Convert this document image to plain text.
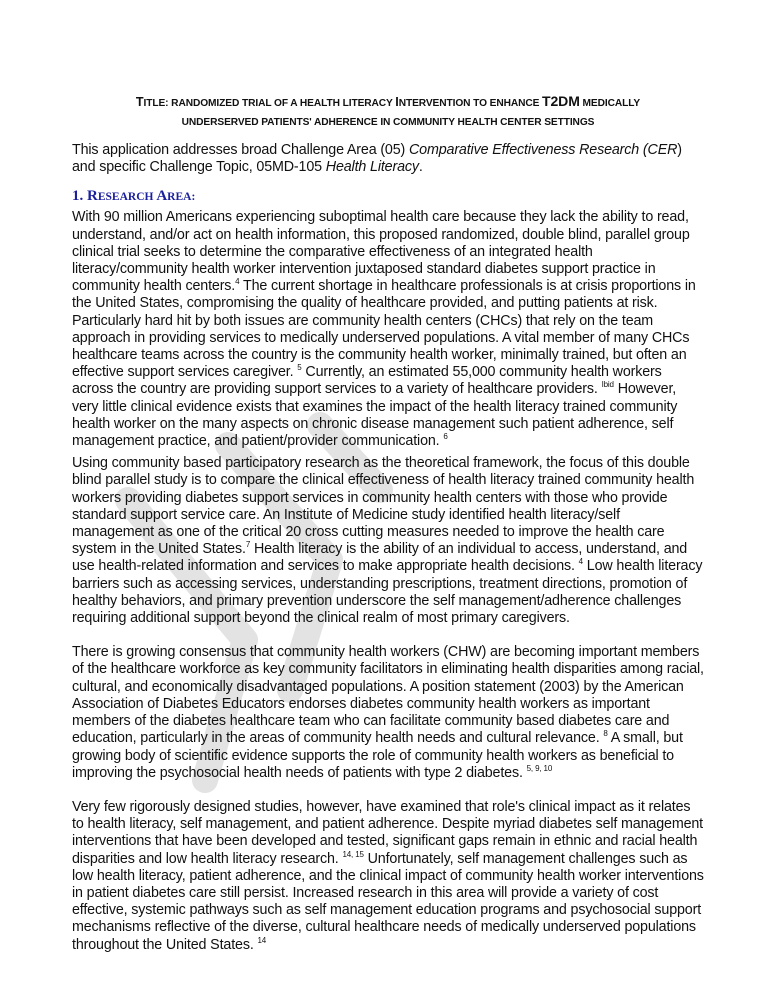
TITLE: RANDOMIZED TRIAL OF A HEALTH LITERACY INTERVENTION TO ENHANCE T2DM MEDICALLY
UNDERSERVED PATIENTS' ADHERENCE IN COMMUNITY HEALTH CENTER SETTINGS

This application addresses broad Challenge Area (05) Comparative Effectiveness Research (CER)
and specific Challenge Topic, 05MD-105 Health Literacy.

1. RESEARCH AREA:

With 90 million Americans experiencing suboptimal health care because they lack the ability to read, understand, and/or act on health information, this proposed randomized, double blind, parallel group clinical trial seeks to determine the comparative effectiveness of an integrated health literacy/community health worker intervention juxtaposed standard diabetes support practice in community health centers.$^4$ The current shortage in healthcare professionals is at crisis proportions in the United States, compromising the quality of healthcare provided, and putting patients at risk. Particularly hard hit by both issues are community health centers (CHCs) that rely on the team approach in providing services to medically underserved populations. A vital member of many CHCs healthcare teams across the country is the community health worker, minimally trained, but often an effective support services caregiver. $^5$ Currently, an estimated 55,000 community health workers across the country are providing support services to a variety of healthcare providers. $^{Ibid}$ However, very little clinical evidence exists that examines the impact of the health literacy trained community health worker on the many aspects on chronic disease management such patient adherence, self management practice, and patient/provider communication. $^6$

Using community based participatory research as the theoretical framework, the focus of this double blind parallel study is to compare the clinical effectiveness of health literacy trained community health workers providing diabetes support services in community health centers with those who provide standard support service care. An Institute of Medicine study identified health literacy/self management as one of the critical 20 cross cutting measures needed to improve the health care system in the United States.$^7$ Health literacy is the ability of an individual to access, understand, and use health-related information and services to make appropriate health decisions. $^4$ Low health literacy barriers such as accessing services, understanding prescriptions, treatment directions, promotion of healthy behaviors, and primary prevention underscore the self management/adherence challenges requiring additional support beyond the clinical realm of most primary caregivers.

There is growing consensus that community health workers (CHW) are becoming important members of the healthcare workforce as key community facilitators in eliminating health disparities among racial, cultural, and economically disadvantaged populations. A position statement (2003) by the American Association of Diabetes Educators endorses diabetes community health workers as important members of the diabetes healthcare team who can facilitate community based diabetes care and education, particularly in the areas of community health needs and cultural relevance. $^8$ A small, but growing body of scientific evidence supports the role of community health workers as beneficial to improving the psychosocial health needs of patients with type 2 diabetes. $^{5, 9, 10}$

Very few rigorously designed studies, however, have examined that role's clinical impact as it relates to health literacy, self management, and patient adherence. Despite myriad diabetes self management interventions that have been developed and tested, significant gaps remain in ethnic and racial health disparities and low health literacy research. $^{14, 15}$ Unfortunately, self management challenges such as low health literacy, patient adherence, and the clinical impact of community health worker interventions in patient diabetes care still persist. Increased research in this area will provide a variety of cost effective, systemic pathways such as self management education programs and psychosocial support mechanisms reflective of the diverse, cultural healthcare needs of medically underserved populations throughout the United States. $^{14}$
